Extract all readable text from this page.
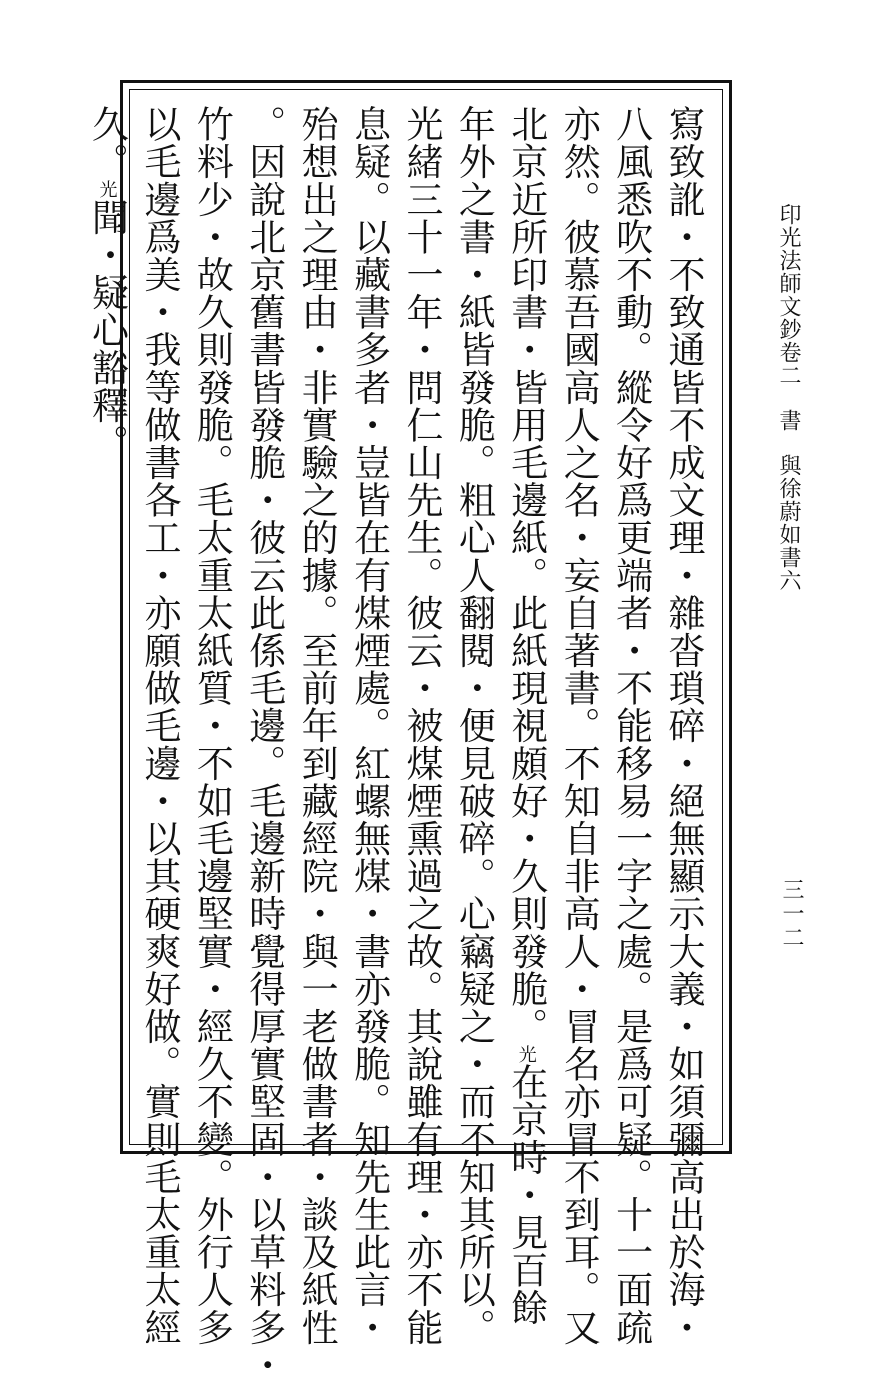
寫致訛・不致通皆不成文理・雜沓瑣碎・絕無顯示大義・如須彌高出於海・
八風悉吹不動。縱令好爲更端者・不能移易一字之處。是爲可疑。十一面疏
亦然。彼慕吾國高人之名・妄自著書。不知自非高人・冒名亦冒不到耳。又
北京近所印書・皆用毛邊紙。此紙現視頗好・久則發脆。光在京時・見百餘
年外之書・紙皆發脆。粗心人翻閱・便見破碎。心竊疑之・而不知其所以。
光緒三十一年・問仁山先生。彼云・被煤煙熏過之故。其說雖有理・亦不能
息疑。以藏書多者・豈皆在有煤煙處。紅螺無煤・書亦發脆。知先生此言・
殆想出之理由・非實驗之的據。至前年到藏經院・與一老做書者・談及紙性
。因說北京舊書皆發脆・彼云此係毛邊。毛邊新時覺得厚實堅固・以草料多・
竹料少・故久則發脆。毛太重太紙質・不如毛邊堅實・經久不變。外行人多
以毛邊爲美・我等做書各工・亦願做毛邊・以其硬爽好做。實則毛太重太經
久。光聞・疑心豁釋。	印光法師文鈔卷二書與徐蔚如書六
三一二
